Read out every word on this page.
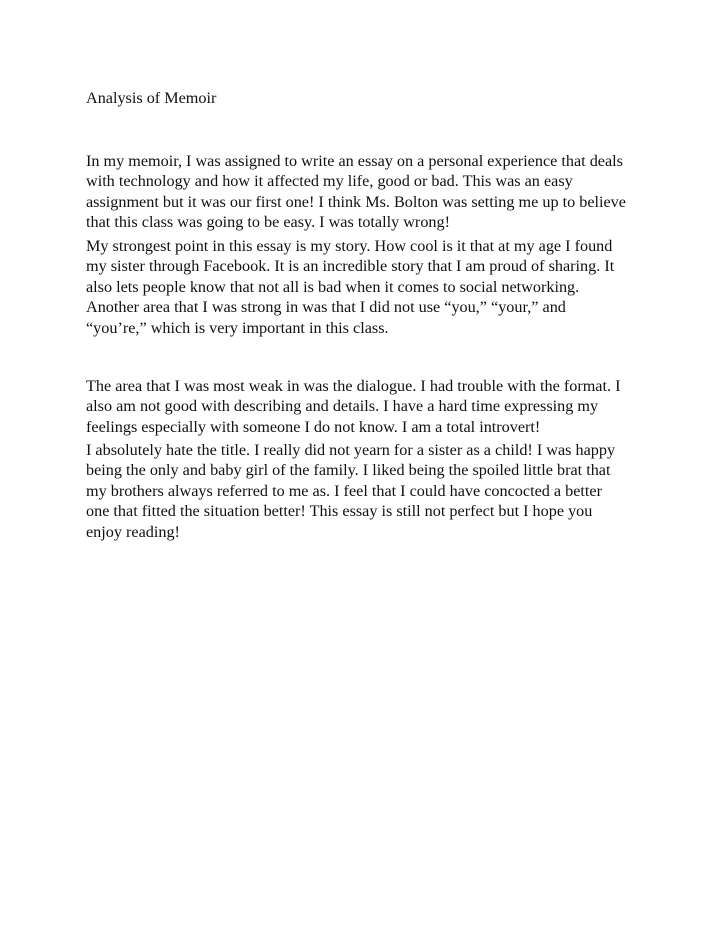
Analysis of Memoir
In my memoir, I was assigned to write an essay on a personal experience that deals
with technology and how it affected my life, good or bad. This was an easy
assignment but it was our first one! I think Ms. Bolton was setting me up to believe
that this class was going to be easy. I was totally wrong!
My strongest point in this essay is my story. How cool is it that at my age I found
my sister through Facebook. It is an incredible story that I am proud of sharing. It
also lets people know that not all is bad when it comes to social networking.
Another area that I was strong in was that I did not use “you,” “your,” and
“you’re,” which is very important in this class.
The area that I was most weak in was the dialogue. I had trouble with the format. I
also am not good with describing and details. I have a hard time expressing my
feelings especially with someone I do not know. I am a total introvert!
I absolutely hate the title. I really did not yearn for a sister as a child! I was happy
being the only and baby girl of the family. I liked being the spoiled little brat that
my brothers always referred to me as. I feel that I could have concocted a better
one that fitted the situation better! This essay is still not perfect but I hope you
enjoy reading!
